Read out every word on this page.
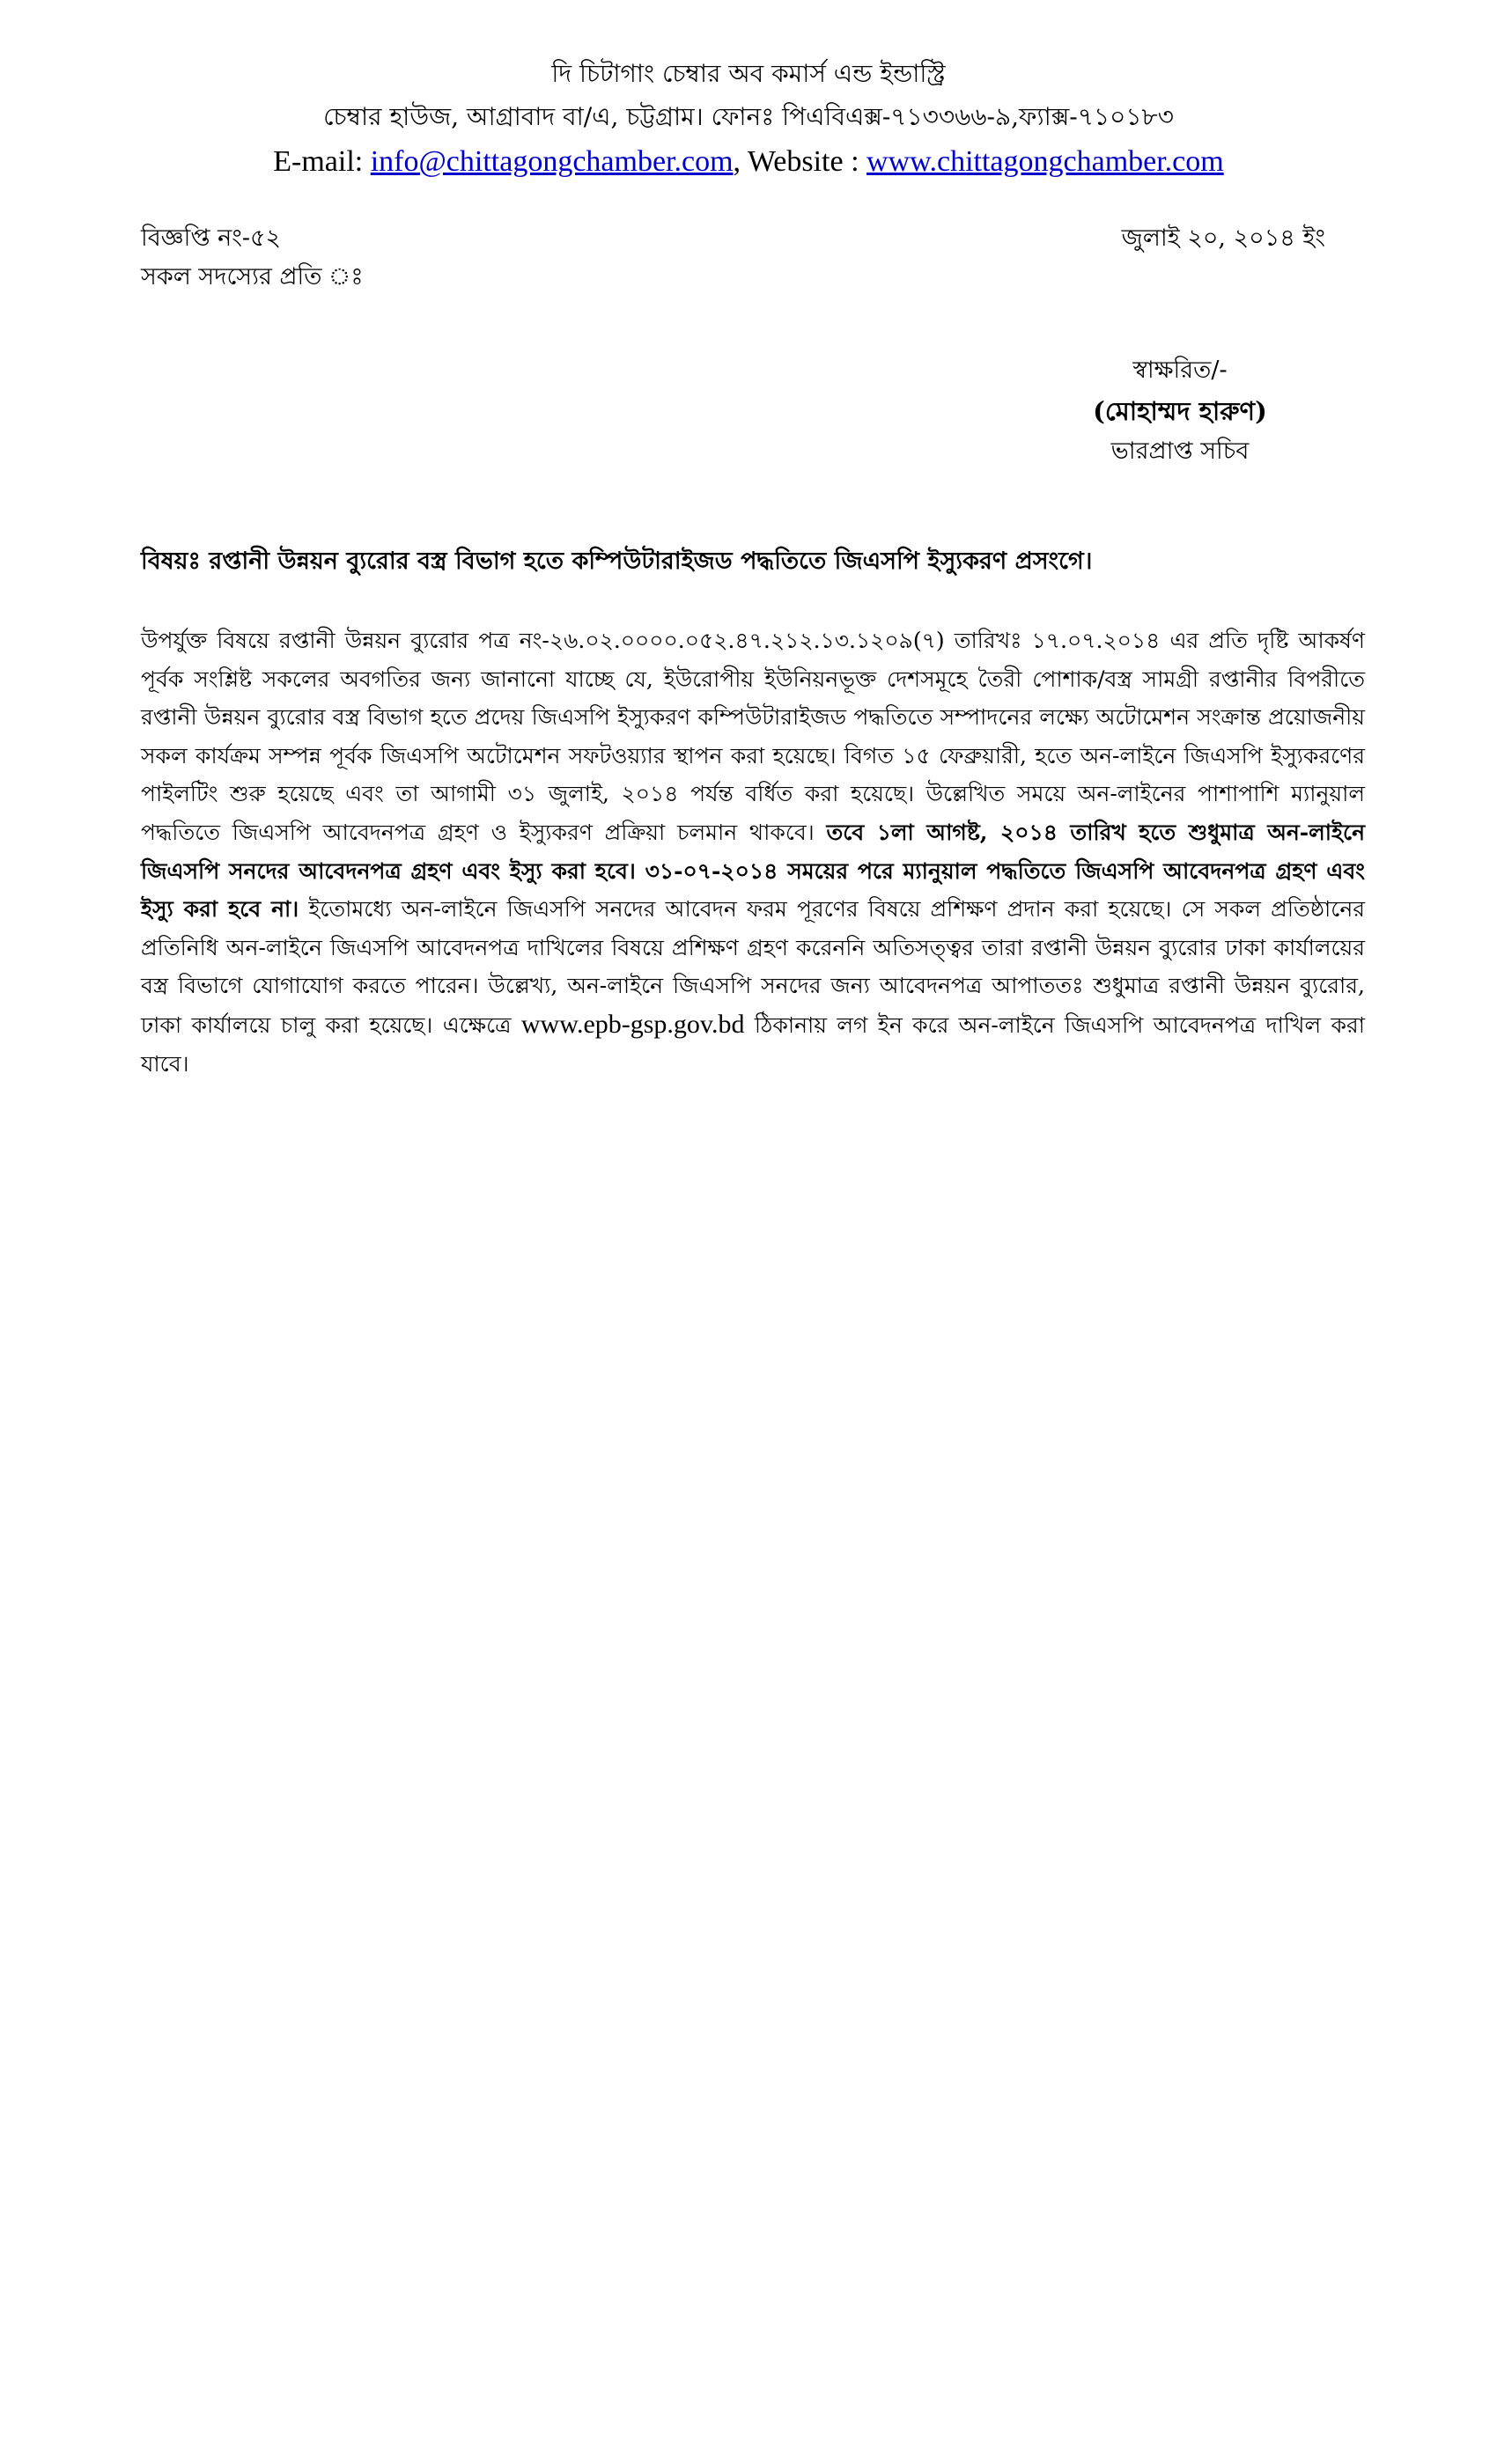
দি চিটাগাং চেম্বার অব কমার্স এন্ড ইন্ডাস্ট্রি
চেম্বার হাউজ, আগ্রাবাদ বা/এ, চট্টগ্রাম। ফোনঃ পিএবিএক্স-৭১৩৩৬৬-৯,ফ্যাক্স-৭১০১৮৩
E-mail: info@chittagongchamber.com, Website : www.chittagongchamber.com
বিজ্ঞপ্তি নং-৫২	জুলাই ২০, ২০১৪ ইং
সকল সদস্যের প্রতি ঃ
স্বাক্ষরিত/-
(মোহাম্মদ হারুণ)
ভারপ্রাপ্ত সচিব
বিষয়ঃ রপ্তানী উন্নয়ন ব্যুরোর বস্ত্র বিভাগ হতে কম্পিউটারাইজড পদ্ধতিতে জিএসপি ইস্যুকরণ প্রসংগে।
উপর্যুক্ত বিষয়ে রপ্তানী উন্নয়ন ব্যুরোর পত্র নং-২৬.০২.০০০০.০৫২.৪৭.২১২.১৩.১২০৯(৭) তারিখঃ ১৭.০৭.২০১৪ এর প্রতি দৃষ্টি আকর্ষণ পূর্বক সংশ্লিষ্ট সকলের অবগতির জন্য জানানো যাচ্ছে যে, ইউরোপীয় ইউনিয়নভূক্ত দেশসমূহে তৈরী পোশাক/বস্ত্র সামগ্রী রপ্তানীর বিপরীতে রপ্তানী উন্নয়ন ব্যুরোর বস্ত্র বিভাগ হতে প্রদেয় জিএসপি ইস্যুকরণ কম্পিউটারাইজড পদ্ধতিতে সম্পাদনের লক্ষ্যে অটোমেশন সংক্রান্ত প্রয়োজনীয় সকল কার্যক্রম সম্পন্ন পূর্বক জিএসপি অটোমেশন সফটওয়্যার স্থাপন করা হয়েছে। বিগত ১৫ ফেব্রুয়ারী, হতে অন-লাইনে জিএসপি ইস্যুকরণের পাইলটিং শুরু হয়েছে এবং তা আগামী ৩১ জুলাই, ২০১৪ পর্যন্ত বর্ধিত করা হয়েছে। উল্লেখিত সময়ে অন-লাইনের পাশাপাশি ম্যানুয়াল পদ্ধতিতে জিএসপি আবেদনপত্র গ্রহণ ও ইস্যুকরণ প্রক্রিয়া চলমান থাকবে। তবে ১লা আগষ্ট, ২০১৪ তারিখ হতে শুধুমাত্র অন-লাইনে জিএসপি সনদের আবেদনপত্র গ্রহণ এবং ইস্যু করা হবে। ৩১-০৭-২০১৪ সময়ের পরে ম্যানুয়াল পদ্ধতিতে জিএসপি আবেদনপত্র গ্রহণ এবং ইস্যু করা হবে না। ইতোমধ্যে অন-লাইনে জিএসপি সনদের আবেদন ফরম পূরণের বিষয়ে প্রশিক্ষণ প্রদান করা হয়েছে। সে সকল প্রতিষ্ঠানের প্রতিনিধি অন-লাইনে জিএসপি আবেদনপত্র দাখিলের বিষয়ে প্রশিক্ষণ গ্রহণ করেননি অতিসত্ত্বর তারা রপ্তানী উন্নয়ন ব্যুরোর ঢাকা কার্যালয়ের বস্ত্র বিভাগে যোগাযোগ করতে পারেন। উল্লেখ্য, অন-লাইনে জিএসপি সনদের জন্য আবেদনপত্র আপাততঃ শুধুমাত্র রপ্তানী উন্নয়ন ব্যুরোর, ঢাকা কার্যালয়ে চালু করা হয়েছে। এক্ষেত্রে www.epb-gsp.gov.bd ঠিকানায় লগ ইন করে অন-লাইনে জিএসপি আবেদনপত্র দাখিল করা যাবে।
